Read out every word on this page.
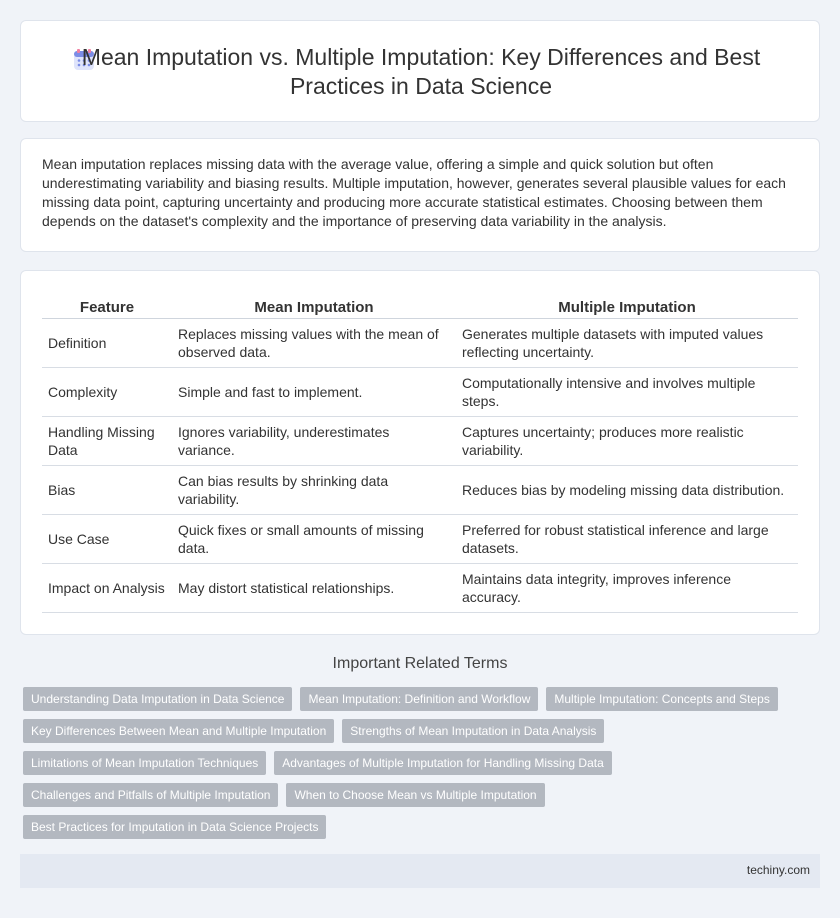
Mean Imputation vs. Multiple Imputation: Key Differences and Best Practices in Data Science

Mean imputation replaces missing data with the average value, offering a simple and quick solution but often underestimating variability and biasing results. Multiple imputation, however, generates several plausible values for each missing data point, capturing uncertainty and producing more accurate statistical estimates. Choosing between them depends on the dataset's complexity and the importance of preserving data variability in the analysis.

Feature	Mean Imputation	Multiple Imputation
Definition	Replaces missing values with the mean of observed data.	Generates multiple datasets with imputed values reflecting uncertainty.
Complexity	Simple and fast to implement.	Computationally intensive and involves multiple steps.
Handling Missing Data	Ignores variability, underestimates variance.	Captures uncertainty; produces more realistic variability.
Bias	Can bias results by shrinking data variability.	Reduces bias by modeling missing data distribution.
Use Case	Quick fixes or small amounts of missing data.	Preferred for robust statistical inference and large datasets.
Impact on Analysis	May distort statistical relationships.	Maintains data integrity, improves inference accuracy.
Important Related Terms
Understanding Data Imputation in Data Science	Mean Imputation: Definition and Workflow	Multiple Imputation: Concepts and Steps
Key Differences Between Mean and Multiple Imputation	Strengths of Mean Imputation in Data Analysis
Limitations of Mean Imputation Techniques	Advantages of Multiple Imputation for Handling Missing Data
Challenges and Pitfalls of Multiple Imputation	When to Choose Mean vs Multiple Imputation
Best Practices for Imputation in Data Science Projects
techiny.com
